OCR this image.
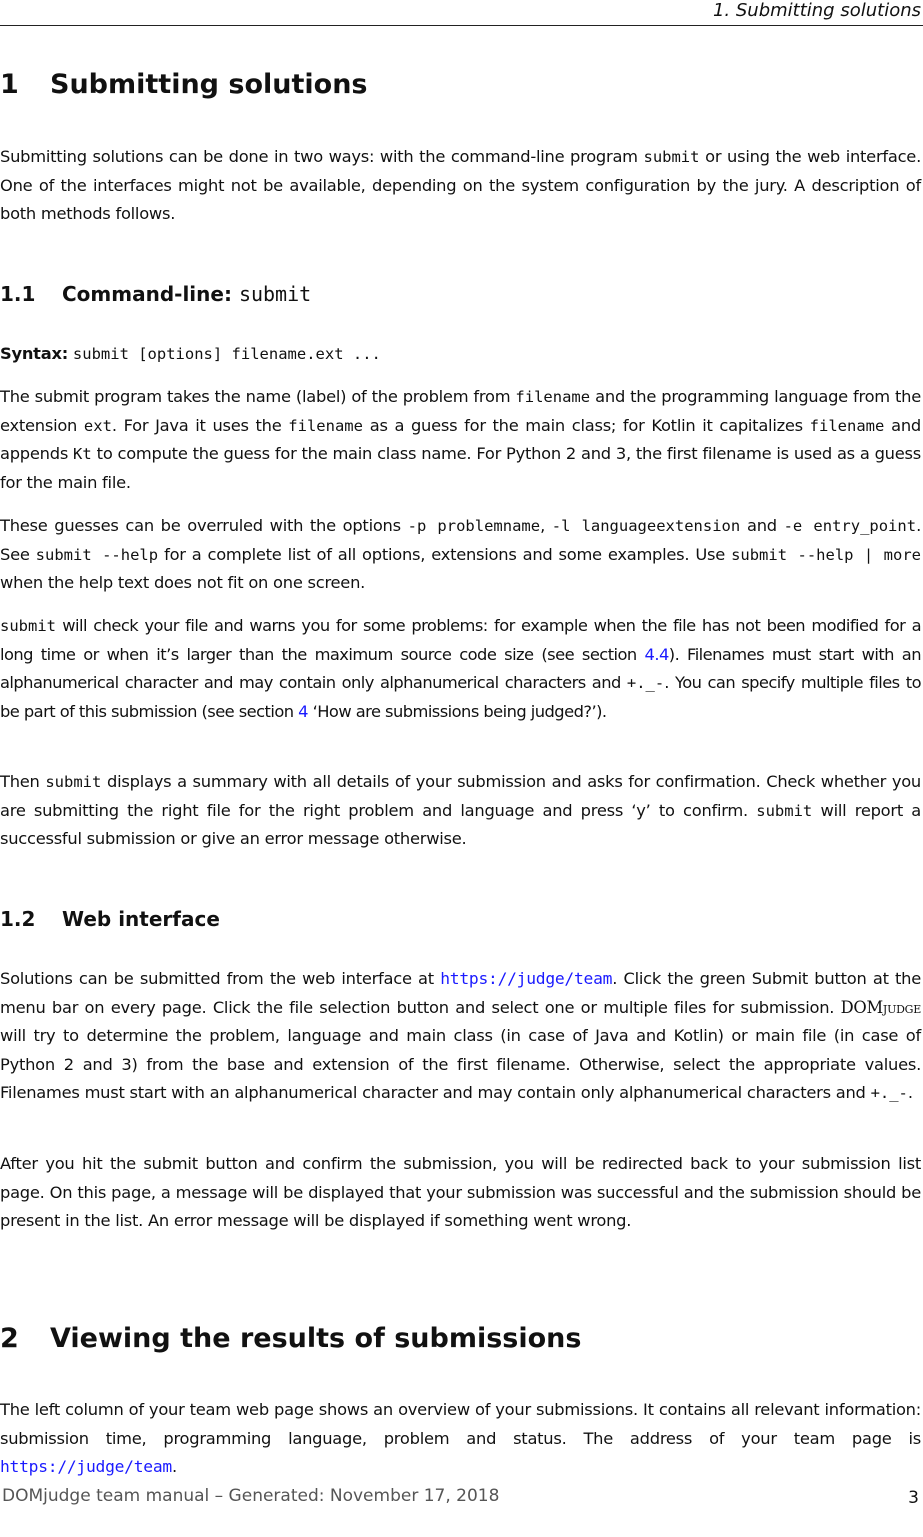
1. Submitting solutions
1 Submitting solutions
Submitting solutions can be done in two ways: with the command-line program submit or using the web interface. One of the interfaces might not be available, depending on the system configuration by the jury. A description of both methods follows.
1.1 Command-line: submit
Syntax: submit [options] filename.ext ...
The submit program takes the name (label) of the problem from filename and the programming language from the extension ext. For Java it uses the filename as a guess for the main class; for Kotlin it capitalizes filename and appends Kt to compute the guess for the main class name. For Python 2 and 3, the first filename is used as a guess for the main file.
These guesses can be overruled with the options -p problemname, -l languageextension and -e entry_point. See submit --help for a complete list of all options, extensions and some examples. Use submit --help | more when the help text does not fit on one screen.
submit will check your file and warns you for some problems: for example when the file has not been modified for a long time or when it’s larger than the maximum source code size (see section 4.4). Filenames must start with an alphanumerical character and may contain only alphanumerical characters and +._-. You can specify multiple files to be part of this submission (see section 4 ‘How are submissions being judged?’).
Then submit displays a summary with all details of your submission and asks for confirmation. Check whether you are submitting the right file for the right problem and language and press ‘y’ to confirm. submit will report a successful submission or give an error message otherwise.
1.2 Web interface
Solutions can be submitted from the web interface at https://judge/team. Click the green Submit button at the menu bar on every page. Click the file selection button and select one or multiple files for submission. DOMjudge will try to determine the problem, language and main class (in case of Java and Kotlin) or main file (in case of Python 2 and 3) from the base and extension of the first filename. Otherwise, select the appropriate values. Filenames must start with an alphanumerical character and may contain only alphanumerical characters and +._-.
After you hit the submit button and confirm the submission, you will be redirected back to your submission list page. On this page, a message will be displayed that your submission was successful and the submission should be present in the list. An error message will be displayed if something went wrong.
2 Viewing the results of submissions
The left column of your team web page shows an overview of your submissions. It contains all relevant information: submission time, programming language, problem and status. The address of your team page is https://judge/team.
DOMjudge team manual – Generated: November 17, 2018	3
